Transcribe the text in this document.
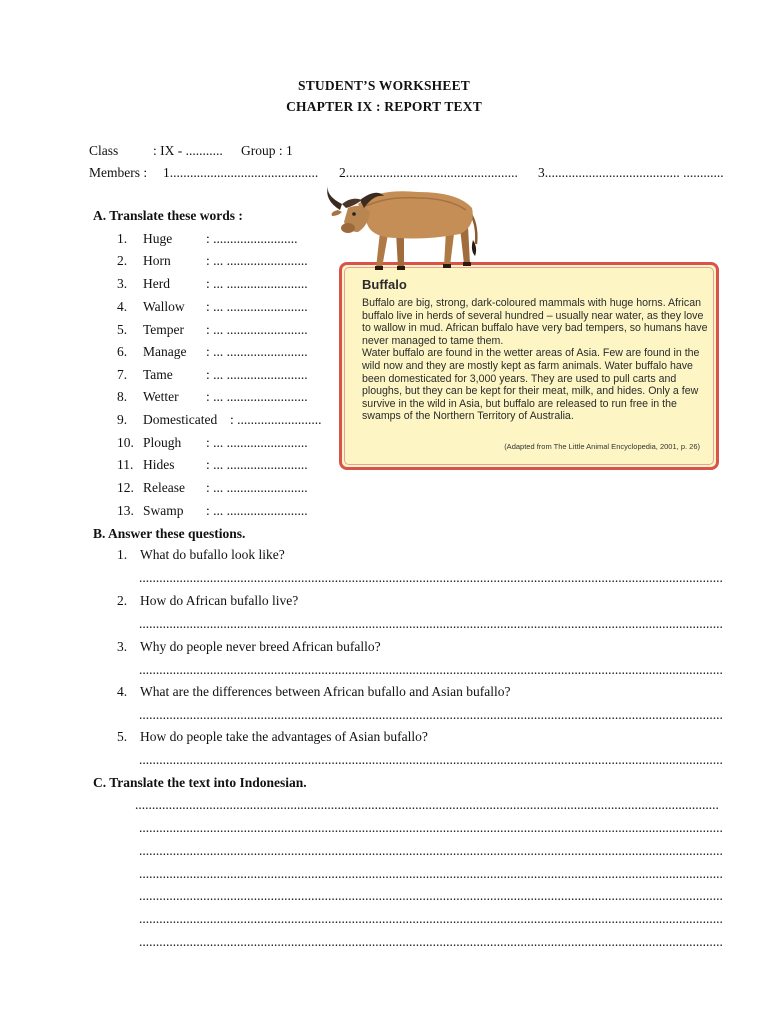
STUDENT’S WORKSHEET
CHAPTER IX : REPORT TEXT
Class	: IX - ........... Group : 1
Members : 1............................................	2...................................................	3........................................ ............
A. Translate these words :
1. Huge	: .........................
2. Horn	: ... ........................
3. Herd	: ... ........................
4. Wallow : ... ........................
5. Temper : ... ........................
6. Manage : ... ........................
7. Tame : ... ........................
8. Wetter : ... ........................
9. Domesticated : .........................
10. Plough : ... ........................
11. Hides : ... ........................
12. Release : ... ........................
13. Swamp : ... ........................
Buffalo

Buffalo are big, strong, dark-coloured mammals with huge horns. African buffalo live in herds of several hundred – usually near water, as they love to wallow in mud. African buffalo have very bad tempers, so humans have never managed to tame them.

Water buffalo are found in the wetter areas of Asia. Few are found in the wild now and they are mostly kept as farm animals. Water buffalo have been domesticated for 3,000 years. They are used to pull carts and ploughs, but they can be kept for their meat, milk, and hides. Only a few survive in the wild in Asia, but buffalo are released to run free in the swamps of the Northern Territory of Australia.

(Adapted from The Little Animal Encyclopedia, 2001, p. 26)
B. Answer these questions.
1. What do bufallo look like?
.............................................................................................................................................................................
2. How do African bufallo live?
.............................................................................................................................................................................
3. Why do people never breed African bufallo?
.............................................................................................................................................................................
4. What are the differences between African bufallo and Asian bufallo?
.............................................................................................................................................................................
5. How do people take the advantages of Asian bufallo?
.............................................................................................................................................................................
C. Translate the text into Indonesian.
.............................................................................................................................................................................
.............................................................................................................................................................................
.............................................................................................................................................................................
.............................................................................................................................................................................
.............................................................................................................................................................................
.............................................................................................................................................................................
.............................................................................................................................................................................
